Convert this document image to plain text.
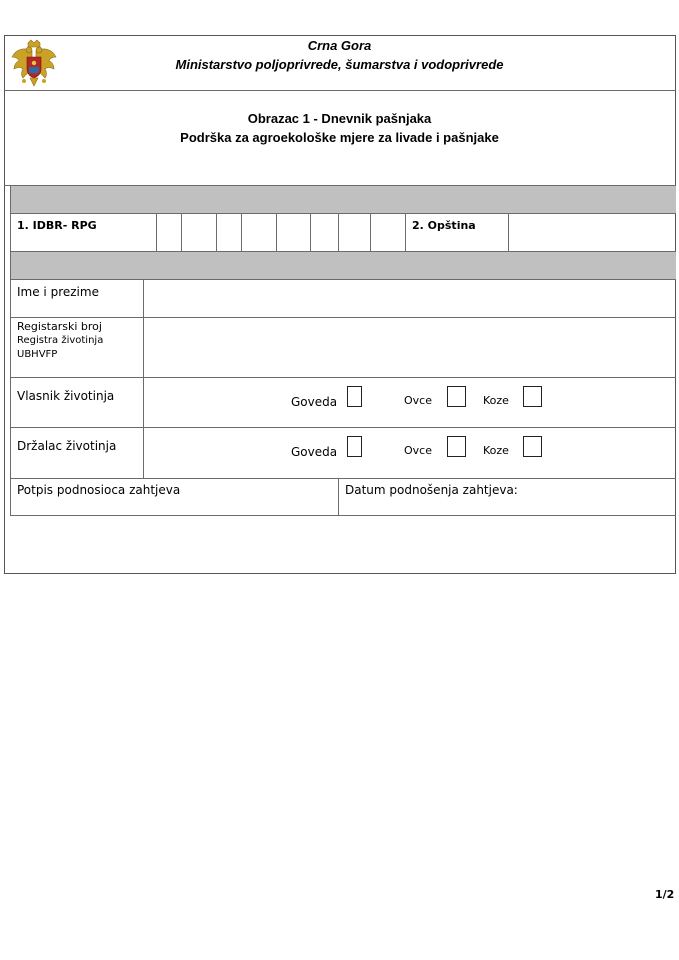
Crna Gora
Ministarstvo poljoprivrede, šumarstva i vodoprivrede
Obrazac 1 - Dnevnik pašnjaka
Podrška za agroekološke mjere za livade i pašnjake
1. IDBR- RPG	2. Opština
Ime i prezime
Registarski broj
Registra životinja
UBHVFP
Vlasnik životinja	Goveda	Ovce	Koze
Držalac životinja	Goveda	Ovce	Koze
Potpis podnosioca zahtjeva	Datum podnošenja zahtjeva:
1/2
